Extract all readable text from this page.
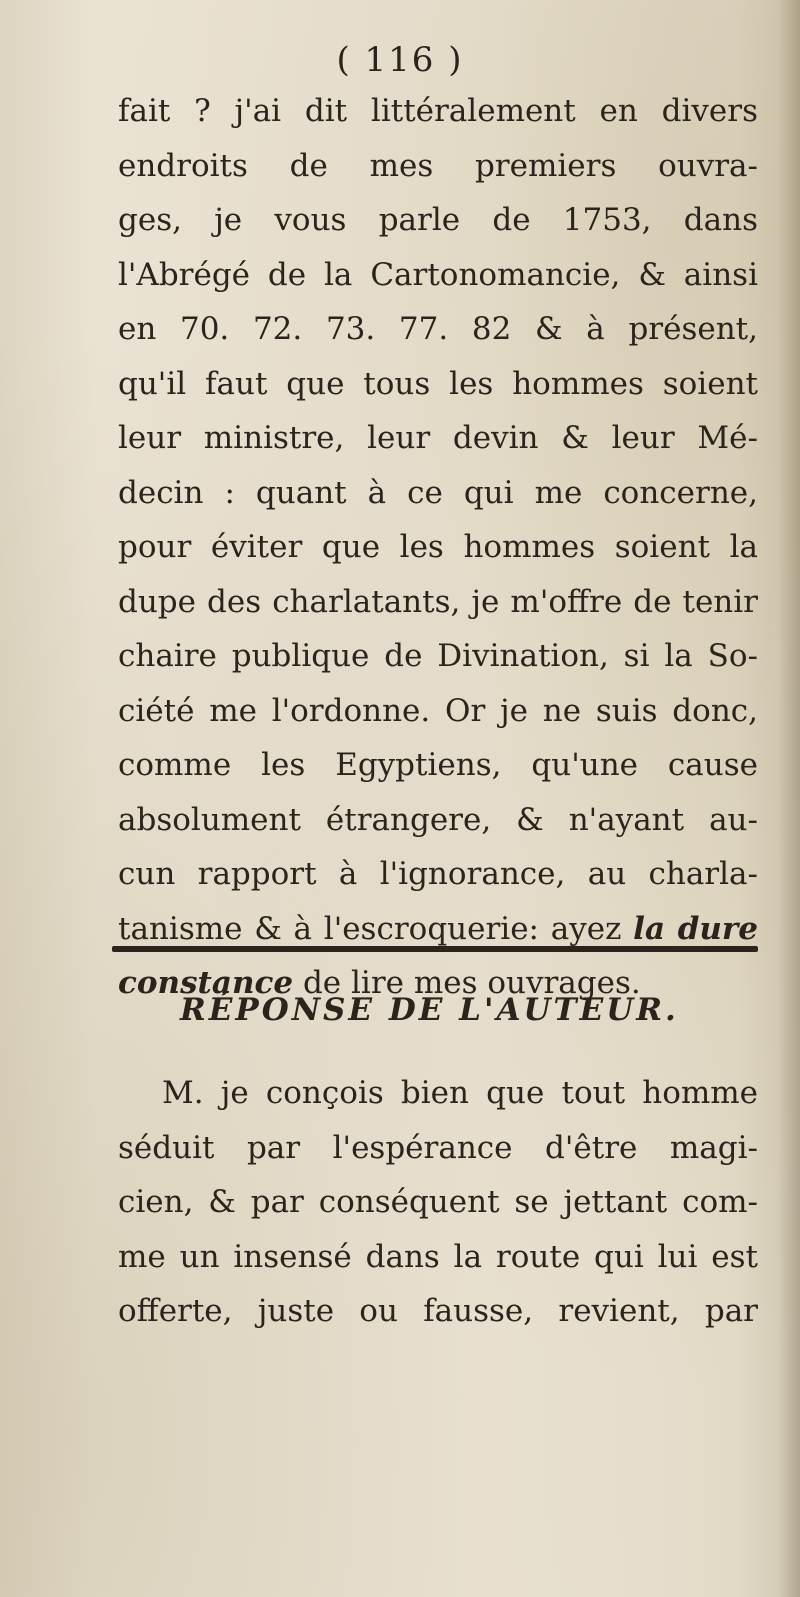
( 116 )
fait ? j'ai dit littéralement en divers
endroits de mes premiers ouvra-
ges, je vous parle de 1753, dans
l'Abrégé de la Cartonomancie, & ainsi
en 70. 72. 73. 77. 82 & à présent,
qu'il faut que tous les hommes soient
leur ministre, leur devin & leur Mé-
decin : quant à ce qui me concerne,
pour éviter que les hommes soient la
dupe des charlatants, je m'offre de tenir
chaire publique de Divination, si la So-
ciété me l'ordonne. Or je ne suis donc,
comme les Egyptiens, qu'une cause
absolument étrangere, & n'ayant au-
cun rapport à l'ignorance, au charla-
tanisme & à l'escroquerie: ayez la dure
constance de lire mes ouvrages.
RÉPONSE DE L'AUTEUR.
M. je conçois bien que tout homme
séduit par l'espérance d'être magi-
cien, & par conséquent se jettant com-
me un insensé dans la route qui lui est
offerte, juste ou fausse, revient, par
